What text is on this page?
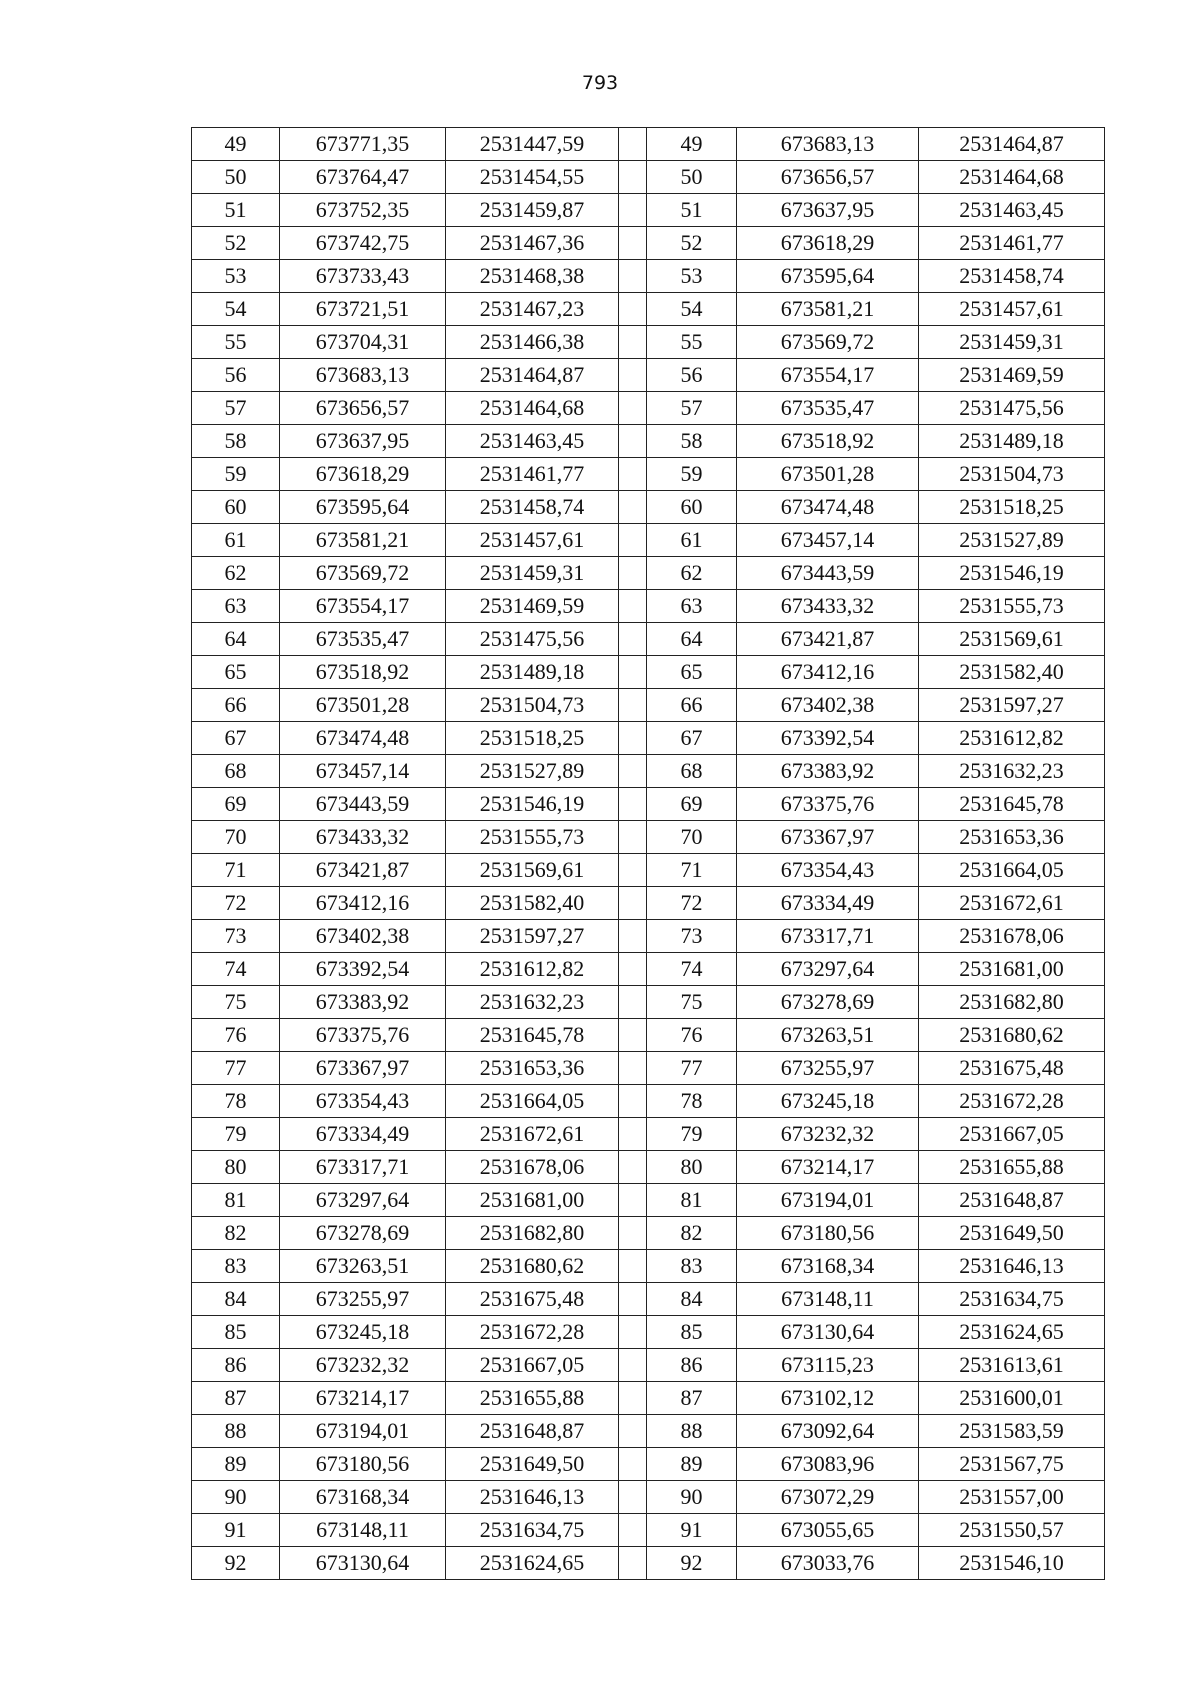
793
49	673771,35	2531447,59		49	673683,13	2531464,87
50	673764,47	2531454,55		50	673656,57	2531464,68
51	673752,35	2531459,87		51	673637,95	2531463,45
52	673742,75	2531467,36		52	673618,29	2531461,77
53	673733,43	2531468,38		53	673595,64	2531458,74
54	673721,51	2531467,23		54	673581,21	2531457,61
55	673704,31	2531466,38		55	673569,72	2531459,31
56	673683,13	2531464,87		56	673554,17	2531469,59
57	673656,57	2531464,68		57	673535,47	2531475,56
58	673637,95	2531463,45		58	673518,92	2531489,18
59	673618,29	2531461,77		59	673501,28	2531504,73
60	673595,64	2531458,74		60	673474,48	2531518,25
61	673581,21	2531457,61		61	673457,14	2531527,89
62	673569,72	2531459,31		62	673443,59	2531546,19
63	673554,17	2531469,59		63	673433,32	2531555,73
64	673535,47	2531475,56		64	673421,87	2531569,61
65	673518,92	2531489,18		65	673412,16	2531582,40
66	673501,28	2531504,73		66	673402,38	2531597,27
67	673474,48	2531518,25		67	673392,54	2531612,82
68	673457,14	2531527,89		68	673383,92	2531632,23
69	673443,59	2531546,19		69	673375,76	2531645,78
70	673433,32	2531555,73		70	673367,97	2531653,36
71	673421,87	2531569,61		71	673354,43	2531664,05
72	673412,16	2531582,40		72	673334,49	2531672,61
73	673402,38	2531597,27		73	673317,71	2531678,06
74	673392,54	2531612,82		74	673297,64	2531681,00
75	673383,92	2531632,23		75	673278,69	2531682,80
76	673375,76	2531645,78		76	673263,51	2531680,62
77	673367,97	2531653,36		77	673255,97	2531675,48
78	673354,43	2531664,05		78	673245,18	2531672,28
79	673334,49	2531672,61		79	673232,32	2531667,05
80	673317,71	2531678,06		80	673214,17	2531655,88
81	673297,64	2531681,00		81	673194,01	2531648,87
82	673278,69	2531682,80		82	673180,56	2531649,50
83	673263,51	2531680,62		83	673168,34	2531646,13
84	673255,97	2531675,48		84	673148,11	2531634,75
85	673245,18	2531672,28		85	673130,64	2531624,65
86	673232,32	2531667,05		86	673115,23	2531613,61
87	673214,17	2531655,88		87	673102,12	2531600,01
88	673194,01	2531648,87		88	673092,64	2531583,59
89	673180,56	2531649,50		89	673083,96	2531567,75
90	673168,34	2531646,13		90	673072,29	2531557,00
91	673148,11	2531634,75		91	673055,65	2531550,57
92	673130,64	2531624,65		92	673033,76	2531546,10
